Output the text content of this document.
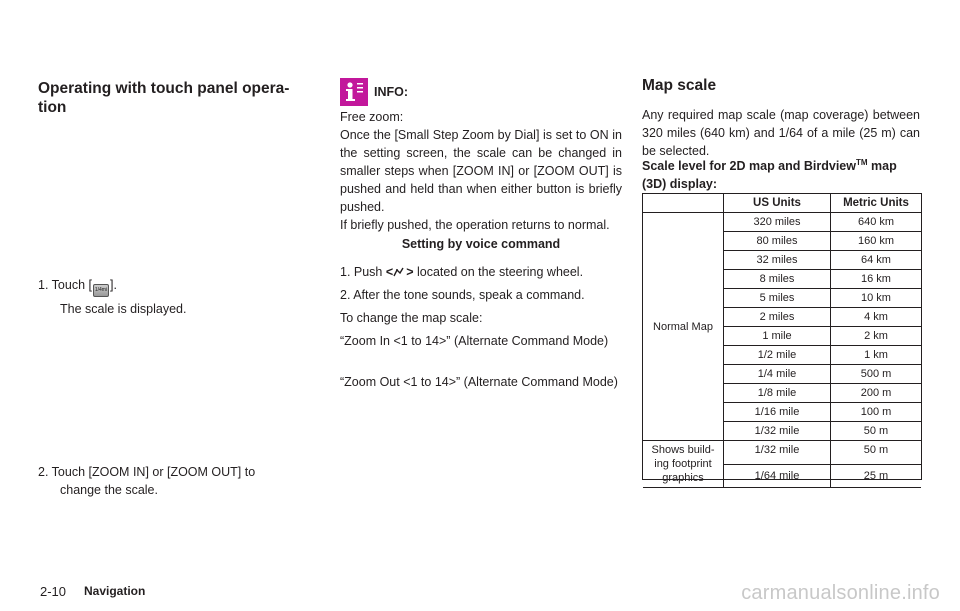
Operating with touch panel opera-
tion
1. Touch [ 1/4mi ].
The scale is displayed.
2. Touch [ZOOM IN] or [ZOOM OUT] to
change the scale.
INFO:
Free zoom:
Once the [Small Step Zoom by Dial] is set to ON in the setting screen, the scale can be changed in smaller steps when [ZOOM IN] or [ZOOM OUT] is pushed and held than when either button is briefly pushed.
If briefly pushed, the operation returns to normal.
Setting by voice command
1. Push < > located on the steering wheel.
2. After the tone sounds, speak a command.
To change the map scale:
“Zoom In <1 to 14>” (Alternate Command Mode)
“Zoom Out <1 to 14>” (Alternate Command Mode)
Map scale
Any required map scale (map coverage) between 320 miles (640 km) and 1/64 of a mile (25 m) can be selected.
Scale level for 2D map and Birdview™ map (3D) display:
	US Units	Metric Units
Normal Map	320 miles	640 km
	80 miles	160 km
	32 miles	64 km
	8 miles	16 km
	5 miles	10 km
	2 miles	4 km
	1 mile	2 km
	1/2 mile	1 km
	1/4 mile	500 m
	1/8 mile	200 m
	1/16 mile	100 m
	1/32 mile	50 m
Shows build-
ing footprint
graphics	1/32 mile	50 m
	1/64 mile	25 m
2-10 Navigation	carmanualsonline.info
